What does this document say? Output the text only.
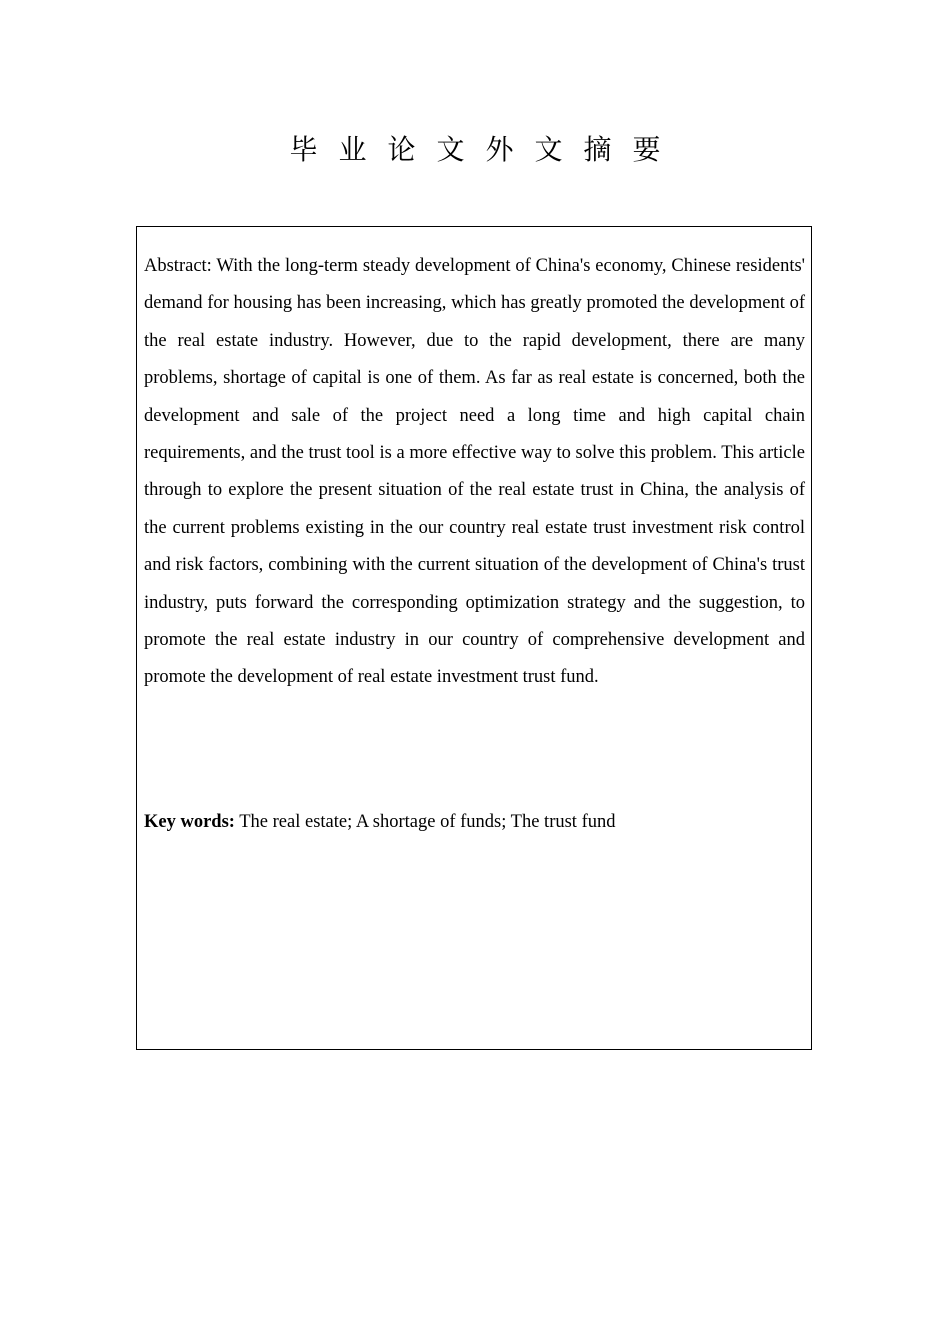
毕业论文外文摘要

Abstract: With the long-term steady development of China's economy, Chinese residents' demand for housing has been increasing, which has greatly promoted the development of the real estate industry. However, due to the rapid development, there are many problems, shortage of capital is one of them. As far as real estate is concerned, both the development and sale of the project need a long time and high capital chain requirements, and the trust tool is a more effective way to solve this problem. This article through to explore the present situation of the real estate trust in China, the analysis of the current problems existing in the our country real estate trust investment risk control and risk factors, combining with the current situation of the development of China's trust industry, puts forward the corresponding optimization strategy and the suggestion, to promote the real estate industry in our country of comprehensive development and promote the development of real estate investment trust fund.

Key words: The real estate; A shortage of funds; The trust fund
